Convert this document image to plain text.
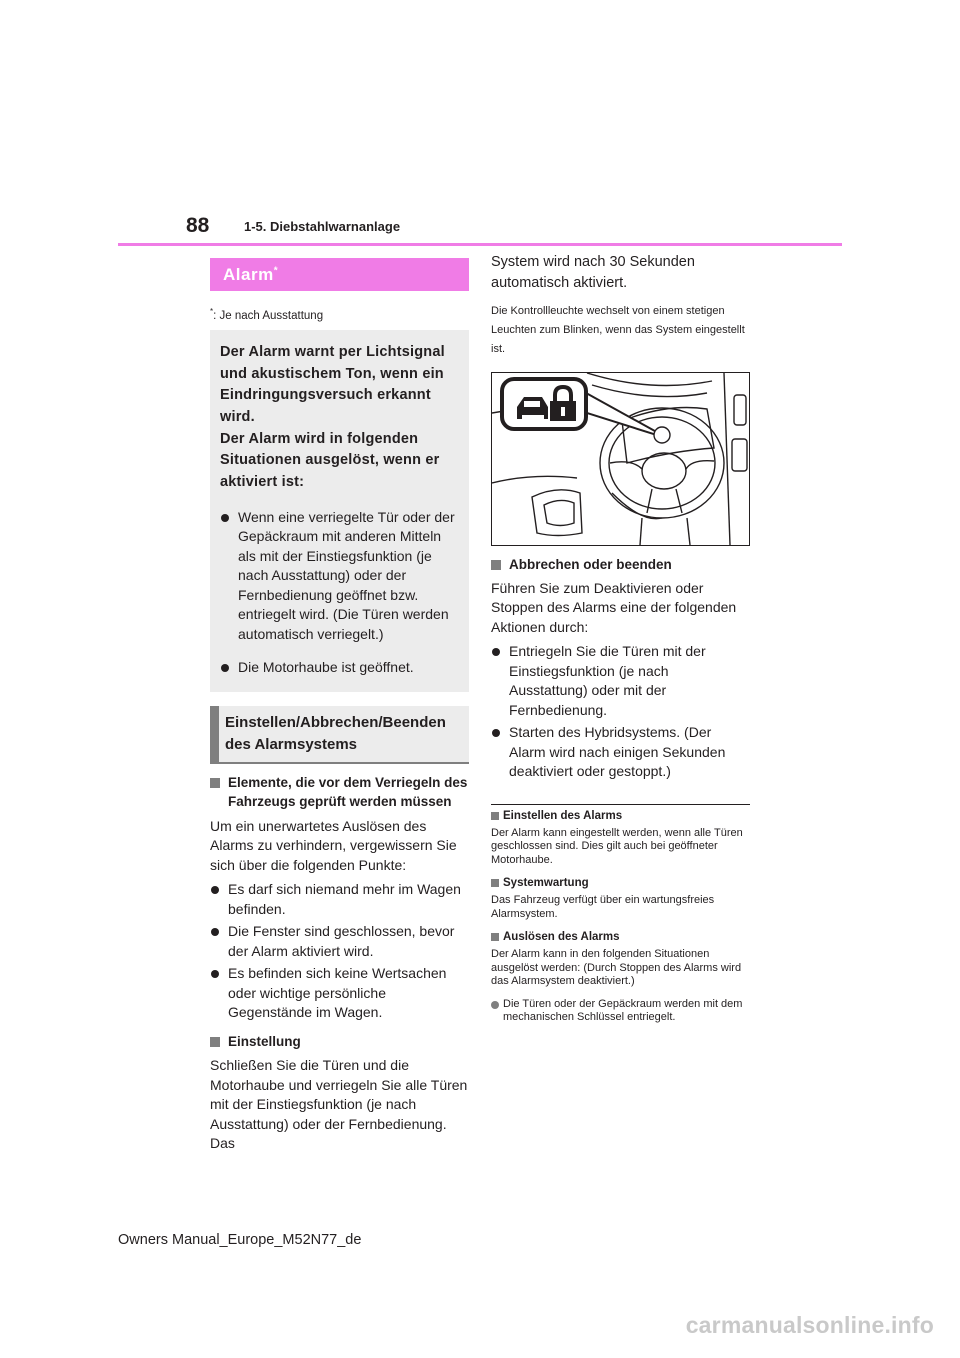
88	1-5. Diebstahlwarnanlage
Alarm*
*: Je nach Ausstattung
Der Alarm warnt per Lichtsignal und akustischem Ton, wenn ein Eindringungsversuch erkannt wird.
Der Alarm wird in folgenden Situationen ausgelöst, wenn er aktiviert ist:
Wenn eine verriegelte Tür oder der Gepäckraum mit anderen Mitteln als mit der Einstiegsfunktion (je nach Ausstattung) oder der Fernbedienung geöffnet bzw. entriegelt wird. (Die Türen werden automatisch verriegelt.)
Die Motorhaube ist geöffnet.
Einstellen/Abbrechen/Beenden des Alarmsystems
Elemente, die vor dem Verriegeln des Fahrzeugs geprüft werden müssen
Um ein unerwartetes Auslösen des Alarms zu verhindern, vergewissern Sie sich über die folgenden Punkte:
Es darf sich niemand mehr im Wagen befinden.
Die Fenster sind geschlossen, bevor der Alarm aktiviert wird.
Es befinden sich keine Wertsachen oder wichtige persönliche Gegenstände im Wagen.
Einstellung
Schließen Sie die Türen und die Motorhaube und verriegeln Sie alle Türen mit der Einstiegsfunktion (je nach Ausstattung) oder der Fernbedienung. Das
System wird nach 30 Sekunden automatisch aktiviert.
Die Kontrollleuchte wechselt von einem stetigen Leuchten zum Blinken, wenn das System eingestellt ist.
Abbrechen oder beenden
Führen Sie zum Deaktivieren oder Stoppen des Alarms eine der folgenden Aktionen durch:
Entriegeln Sie die Türen mit der Einstiegsfunktion (je nach Ausstattung) oder mit der Fernbedienung.
Starten des Hybridsystems. (Der Alarm wird nach einigen Sekunden deaktiviert oder gestoppt.)
Einstellen des Alarms
Der Alarm kann eingestellt werden, wenn alle Türen geschlossen sind. Dies gilt auch bei geöffneter Motorhaube.
Systemwartung
Das Fahrzeug verfügt über ein wartungsfreies Alarmsystem.
Auslösen des Alarms
Der Alarm kann in den folgenden Situationen ausgelöst werden: (Durch Stoppen des Alarms wird das Alarmsystem deaktiviert.)
Die Türen oder der Gepäckraum werden mit dem mechanischen Schlüssel entriegelt.
Owners Manual_Europe_M52N77_de
carmanualsonline.info
